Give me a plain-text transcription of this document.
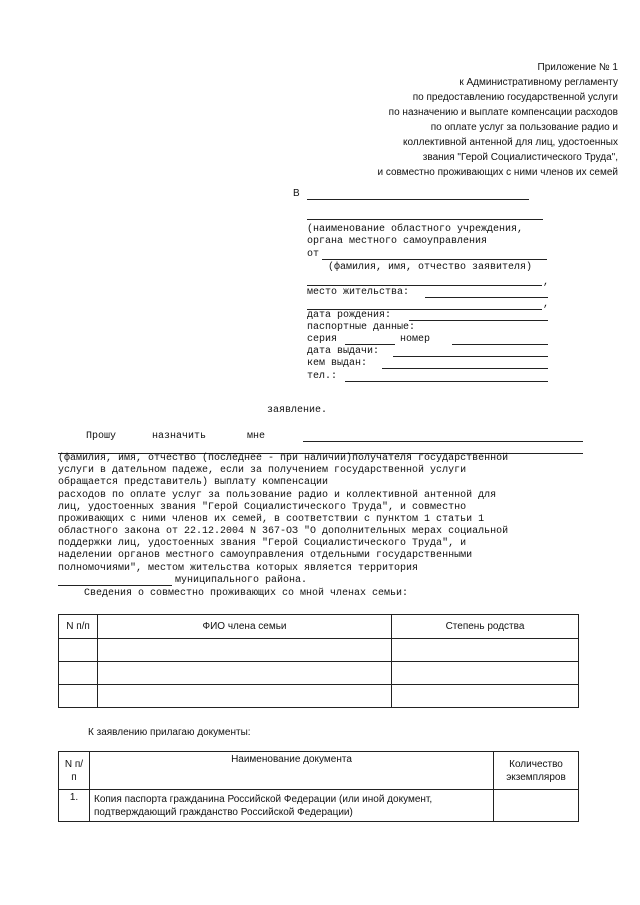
Приложение № 1
к Административному регламенту
по предоставлению государственной услуги
по назначению и выплате компенсации расходов
по оплате услуг за пользование радио и
коллективной антенной для лиц, удостоенных
звания "Герой Социалистического Труда",
и совместно проживающих с ними членов их семей
В
(наименование областного учреждения,
органа местного самоуправления
от
(фамилия, имя, отчество заявителя)
,
место жительства:
,
дата рождения:
паспортные данные:
серия	номер
дата выдачи:
кем выдан:
тел.:
заявление.
Прошу	назначить	мне
(фамилия, имя, отчество (последнее - при наличии)получателя государственной
услуги в дательном падеже, если за получением государственной услуги
обращается представитель) выплату компенсации
расходов по оплате услуг за пользование радио и коллективной антенной для
лиц, удостоенных звания "Герой Социалистического Труда", и совместно
проживающих с ними членов их семей, в соответствии с пунктом 1 статьи 1
областного закона от 22.12.2004 N 367-ОЗ "О дополнительных мерах социальной
поддержки лиц, удостоенных звания "Герой Социалистического Труда", и
наделении органов местного самоуправления отдельными государственными
полномочиями", местом жительства которых является территория
муниципального района.
Сведения о совместно проживающих со мной членах семьи:
N п/п	ФИО члена семьи	Степень родства

К заявлению прилагаю документы:
N п/п	Наименование документа	Количество экземпляров
1.	Копия паспорта гражданина Российской Федерации (или иной документ, подтверждающий гражданство Российской Федерации)	
